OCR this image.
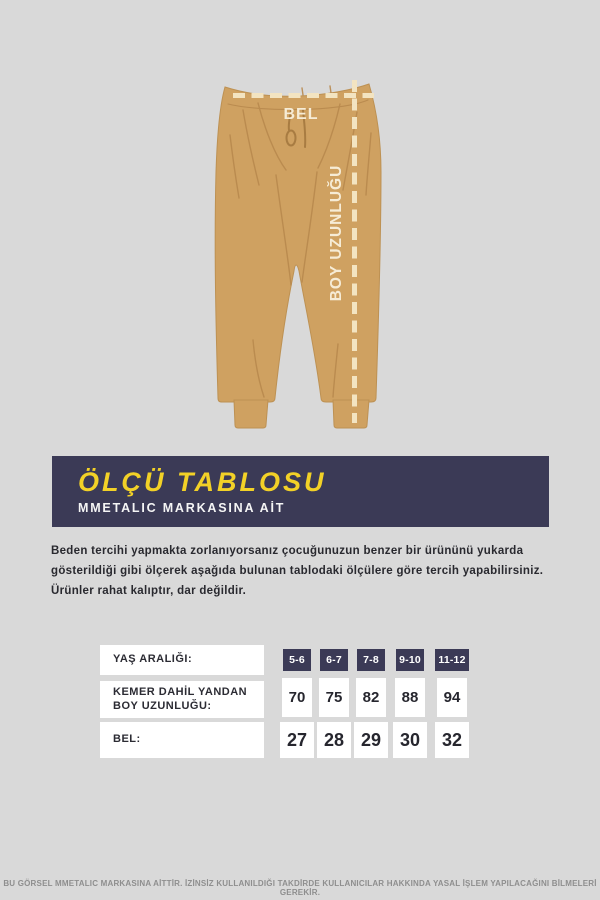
BEL
BOY UZUNLUĞU
ÖLÇÜ TABLOSU
MMETALIC MARKASINA AİT

Beden tercihi yapmakta zorlanıyorsanız çocuğunuzun benzer bir ürününü yukarda gösterildiği gibi ölçerek aşağıda bulunan tablodaki ölçülere göre tercih yapabilirsiniz. Ürünler rahat kalıptır, dar değildir.

YAŞ ARALIĞI:
KEMER DAHİL YANDAN BOY UZUNLUĞU:
BEL:
5-6
70
27
6-7
75
28
7-8
82
29
9-10
88
30
11-12
94
32
BU GÖRSEL MMETALIC MARKASINA AİTTİR. İZİNSİZ KULLANILDIĞI TAKDİRDE KULLANICILAR HAKKINDA YASAL İŞLEM YAPILACAĞINI BİLMELERİ GEREKİR.
